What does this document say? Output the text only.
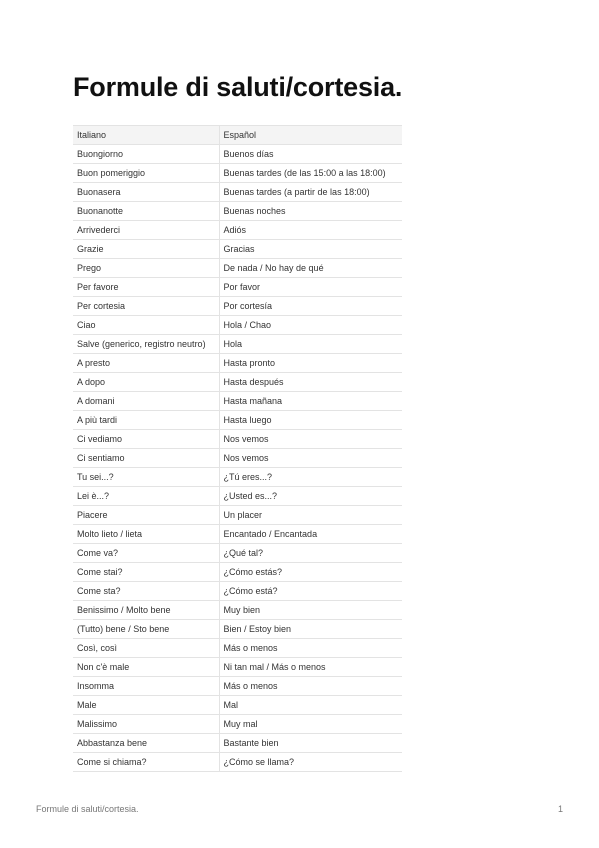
Formule di saluti/cortesia.
Italiano	Español
Buongiorno	Buenos días
Buon pomeriggio	Buenas tardes (de las 15:00 a las 18:00)
Buonasera	Buenas tardes (a partir de las 18:00)
Buonanotte	Buenas noches
Arrivederci	Adiós
Grazie	Gracias
Prego	De nada / No hay de qué
Per favore	Por favor
Per cortesia	Por cortesía
Ciao	Hola / Chao
Salve (generico, registro neutro)	Hola
A presto	Hasta pronto
A dopo	Hasta después
A domani	Hasta mañana
A più tardi	Hasta luego
Ci vediamo	Nos vemos
Ci sentiamo	Nos vemos
Tu sei...?	¿Tú eres...?
Lei è...?	¿Usted es...?
Piacere	Un placer
Molto lieto / lieta	Encantado / Encantada
Come va?	¿Qué tal?
Come stai?	¿Cómo estás?
Come sta?	¿Cómo está?
Benissimo / Molto bene	Muy bien
(Tutto) bene / Sto bene	Bien / Estoy bien
Così, così	Más o menos
Non c'è male	Ni tan mal / Más o menos
Insomma	Más o menos
Male	Mal
Malissimo	Muy mal
Abbastanza bene	Bastante bien
Come si chiama?	¿Cómo se llama?
Formule di saluti/cortesia.	1
